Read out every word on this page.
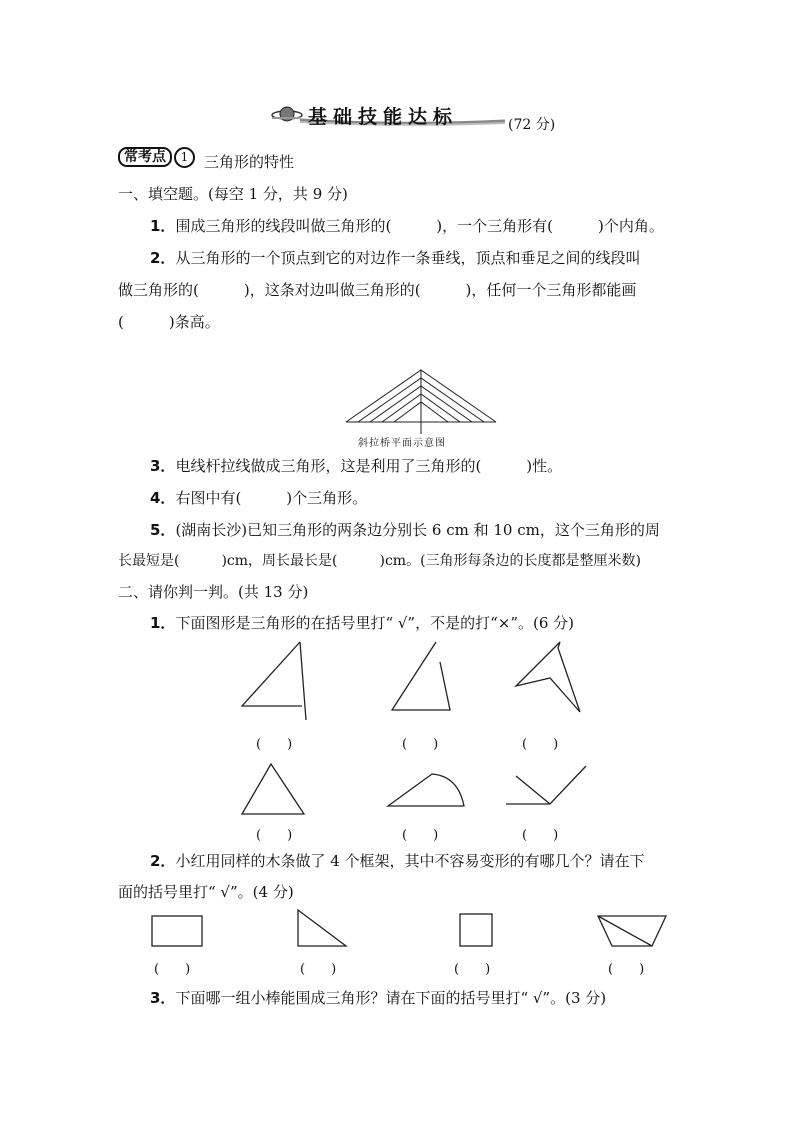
基础技能达标	(72 分)
常考点 1	三角形的特性
一、填空题。(每空 1 分，共 9 分)
1．围成三角形的线段叫做三角形的(　　　)，一个三角形有(　　　)个内角。
2．从三角形的一个顶点到它的对边作一条垂线，顶点和垂足之间的线段叫
做三角形的(　　　)，这条对边叫做三角形的(　　　)，任何一个三角形都能画
(　　　)条高。
斜拉桥平面示意图
3．电线杆拉线做成三角形，这是利用了三角形的(　　　)性。
4．右图中有(　　　)个三角形。
5．(湖南长沙)已知三角形的两条边分别长 6 cm 和 10 cm，这个三角形的周
长最短是(　　　)cm，周长最长是(　　　)cm。(三角形每条边的长度都是整厘米数)
二、请你判一判。(共 13 分)
1．下面图形是三角形的在括号里打“ √”，不是的打“×”。(6 分)
(　　)	(　　)	(　　)
(　　)	(　　)	(　　)
2．小红用同样的木条做了 4 个框架，其中不容易变形的有哪几个？请在下
面的括号里打“ √”。(4 分)
(　　)	(　　)	(　　)	(　　)
3．下面哪一组小棒能围成三角形？请在下面的括号里打“ √”。(3 分)
